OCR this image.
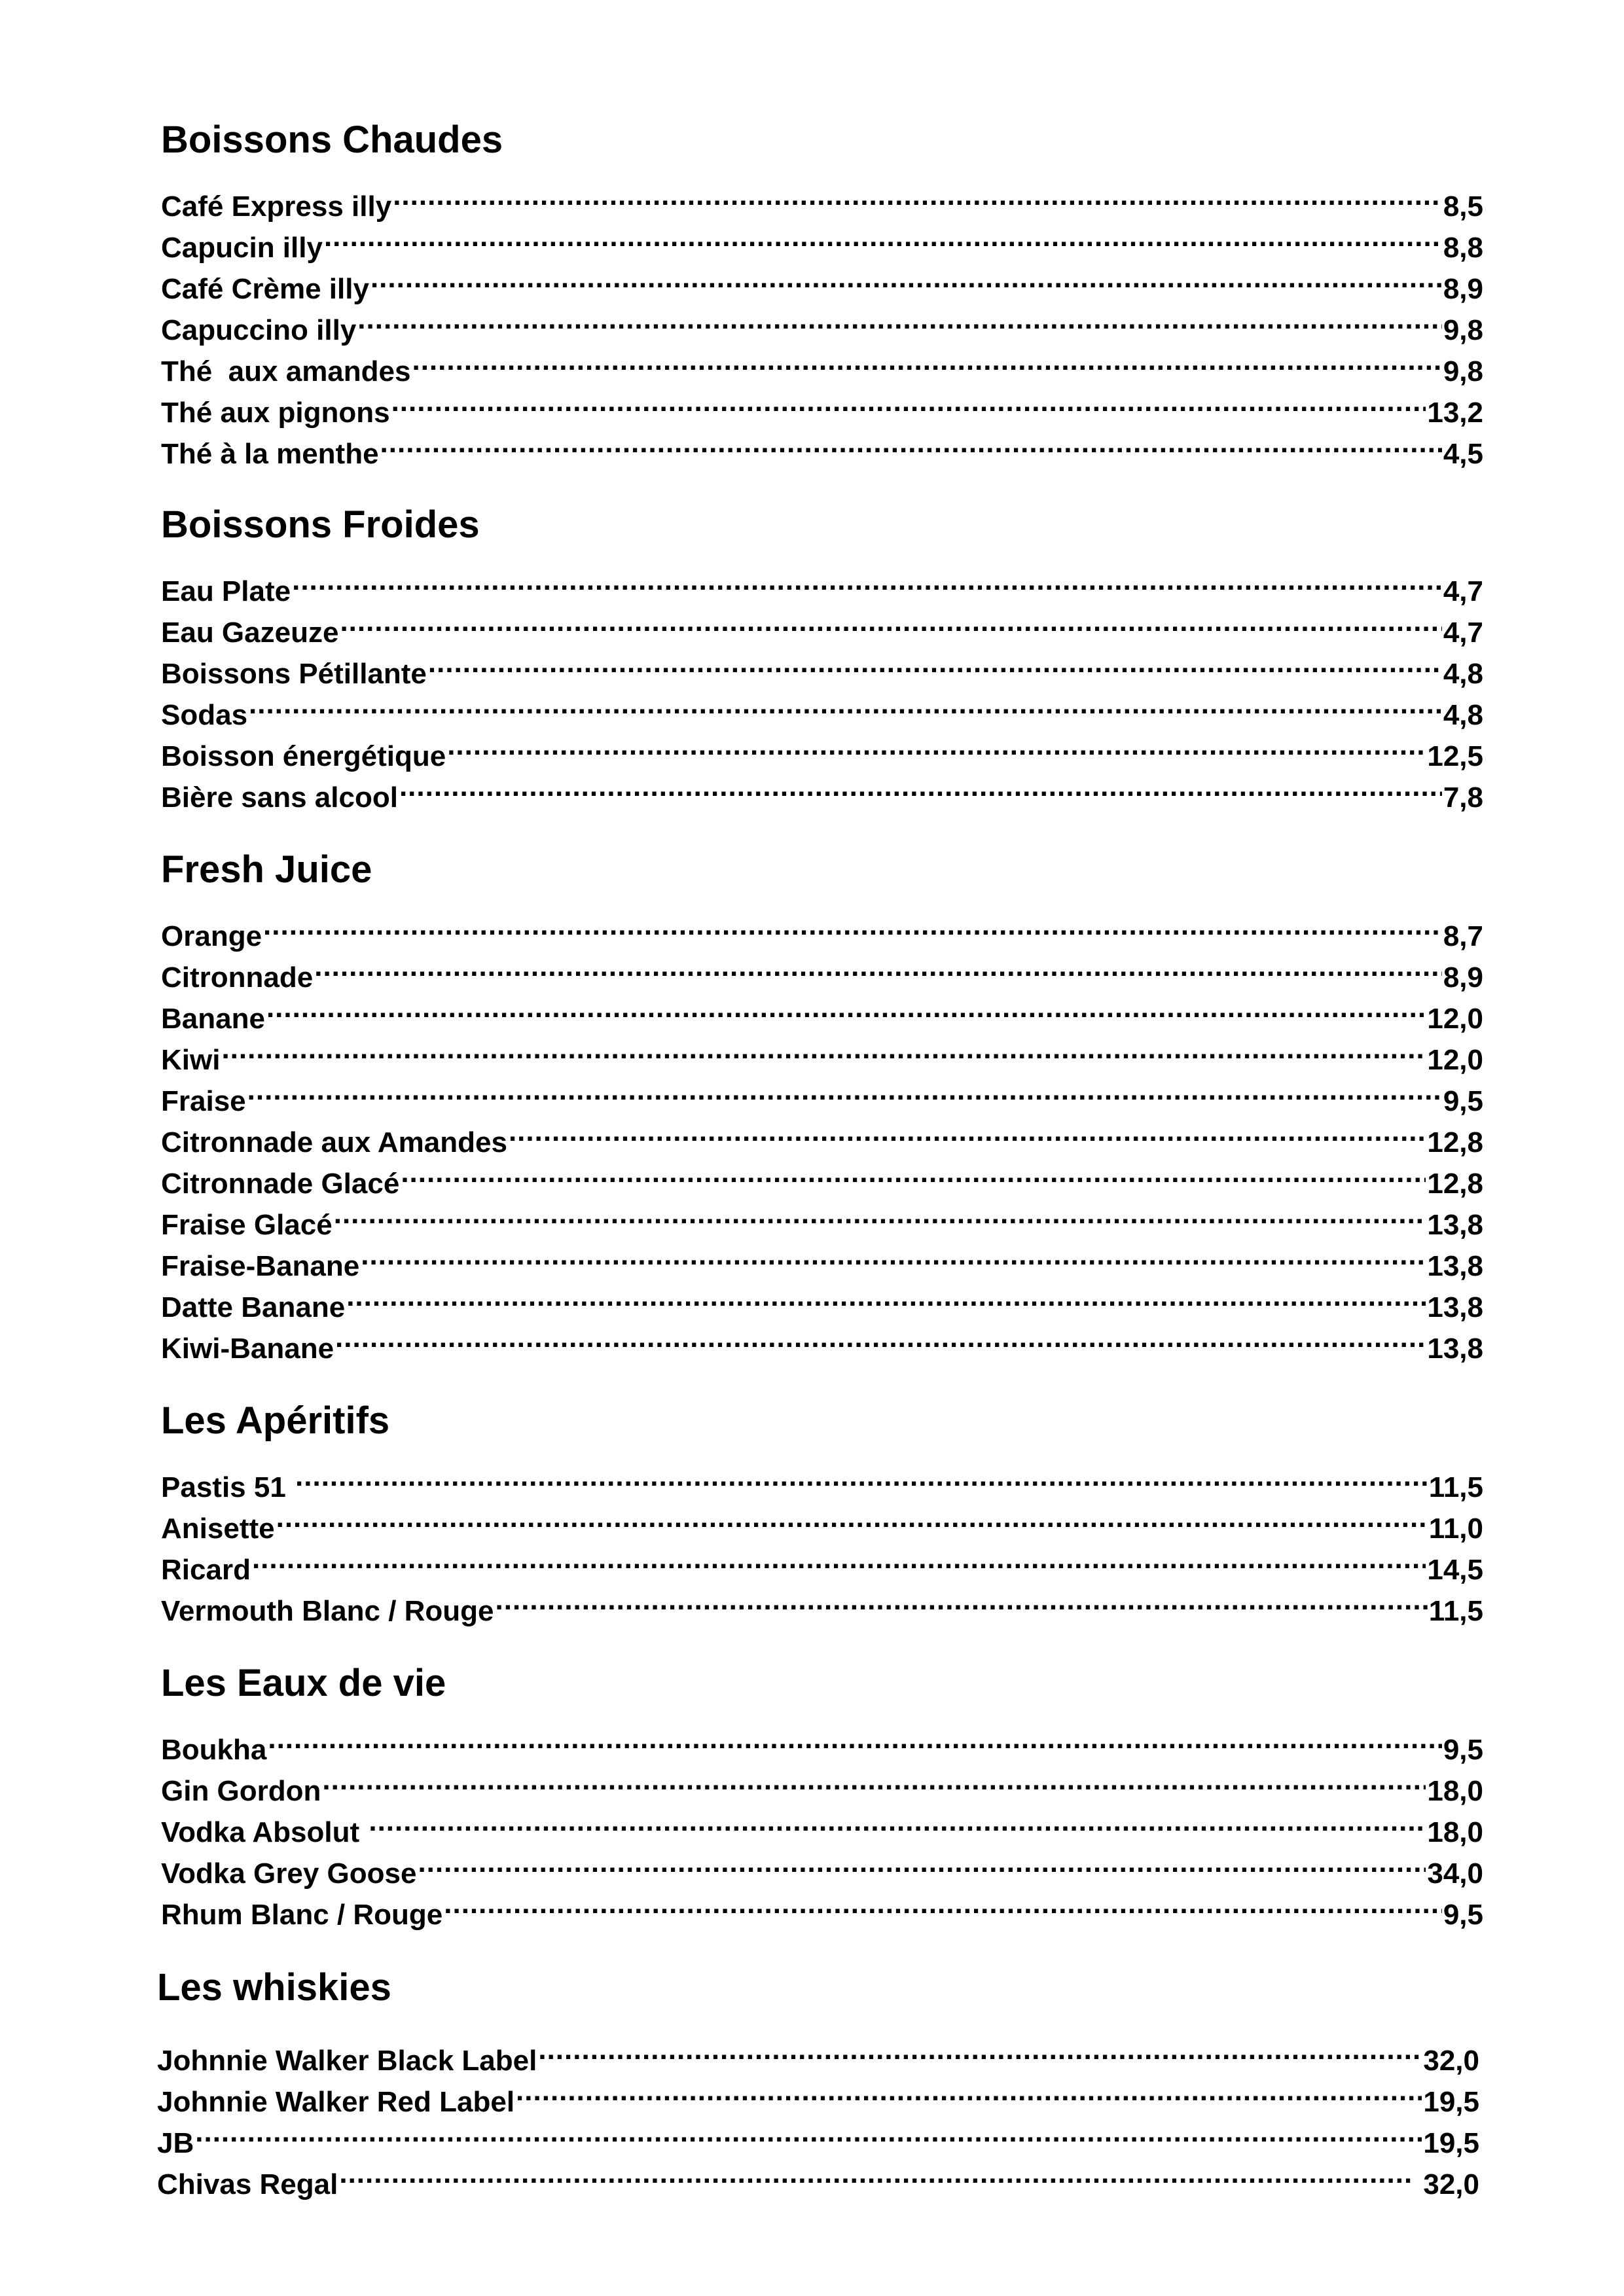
Boissons Chaudes
Café Express illy .....	8,5
Capucin illy .....	8,8
Café Crème illy .....	8,9
Capuccino illy .....	9,8
Thé  aux amandes .....	9,8
Thé aux pignons .....	13,2
Thé à la menthe .....	4,5
Boissons Froides
Eau Plate .....	4,7
Eau Gazeuze .....	4,7
Boissons Pétillante .....	4,8
Sodas .....	4,8
Boisson énergétique .....	12,5
Bière sans alcool .....	7,8
Fresh Juice
Orange .....	8,7
Citronnade .....	8,9
Banane .....	12,0
Kiwi .....	12,0
Fraise .....	9,5
Citronnade aux Amandes .....	12,8
Citronnade Glacé .....	12,8
Fraise Glacé .....	13,8
Fraise-Banane .....	13,8
Datte Banane .....	13,8
Kiwi-Banane .....	13,8
Les Apéritifs
Pastis 51 .....	11,5
Anisette .....	11,0
Ricard .....	14,5
Vermouth Blanc / Rouge .....	11,5
Les Eaux de vie
Boukha .....	9,5
Gin Gordon .....	18,0
Vodka Absolut .....	18,0
Vodka Grey Goose .....	34,0
Rhum Blanc / Rouge .....	9,5
Les whiskies
Johnnie Walker Black Label .....	32,0
Johnnie Walker Red Label .....	19,5
JB .....	19,5
Chivas Regal .....	32,0
